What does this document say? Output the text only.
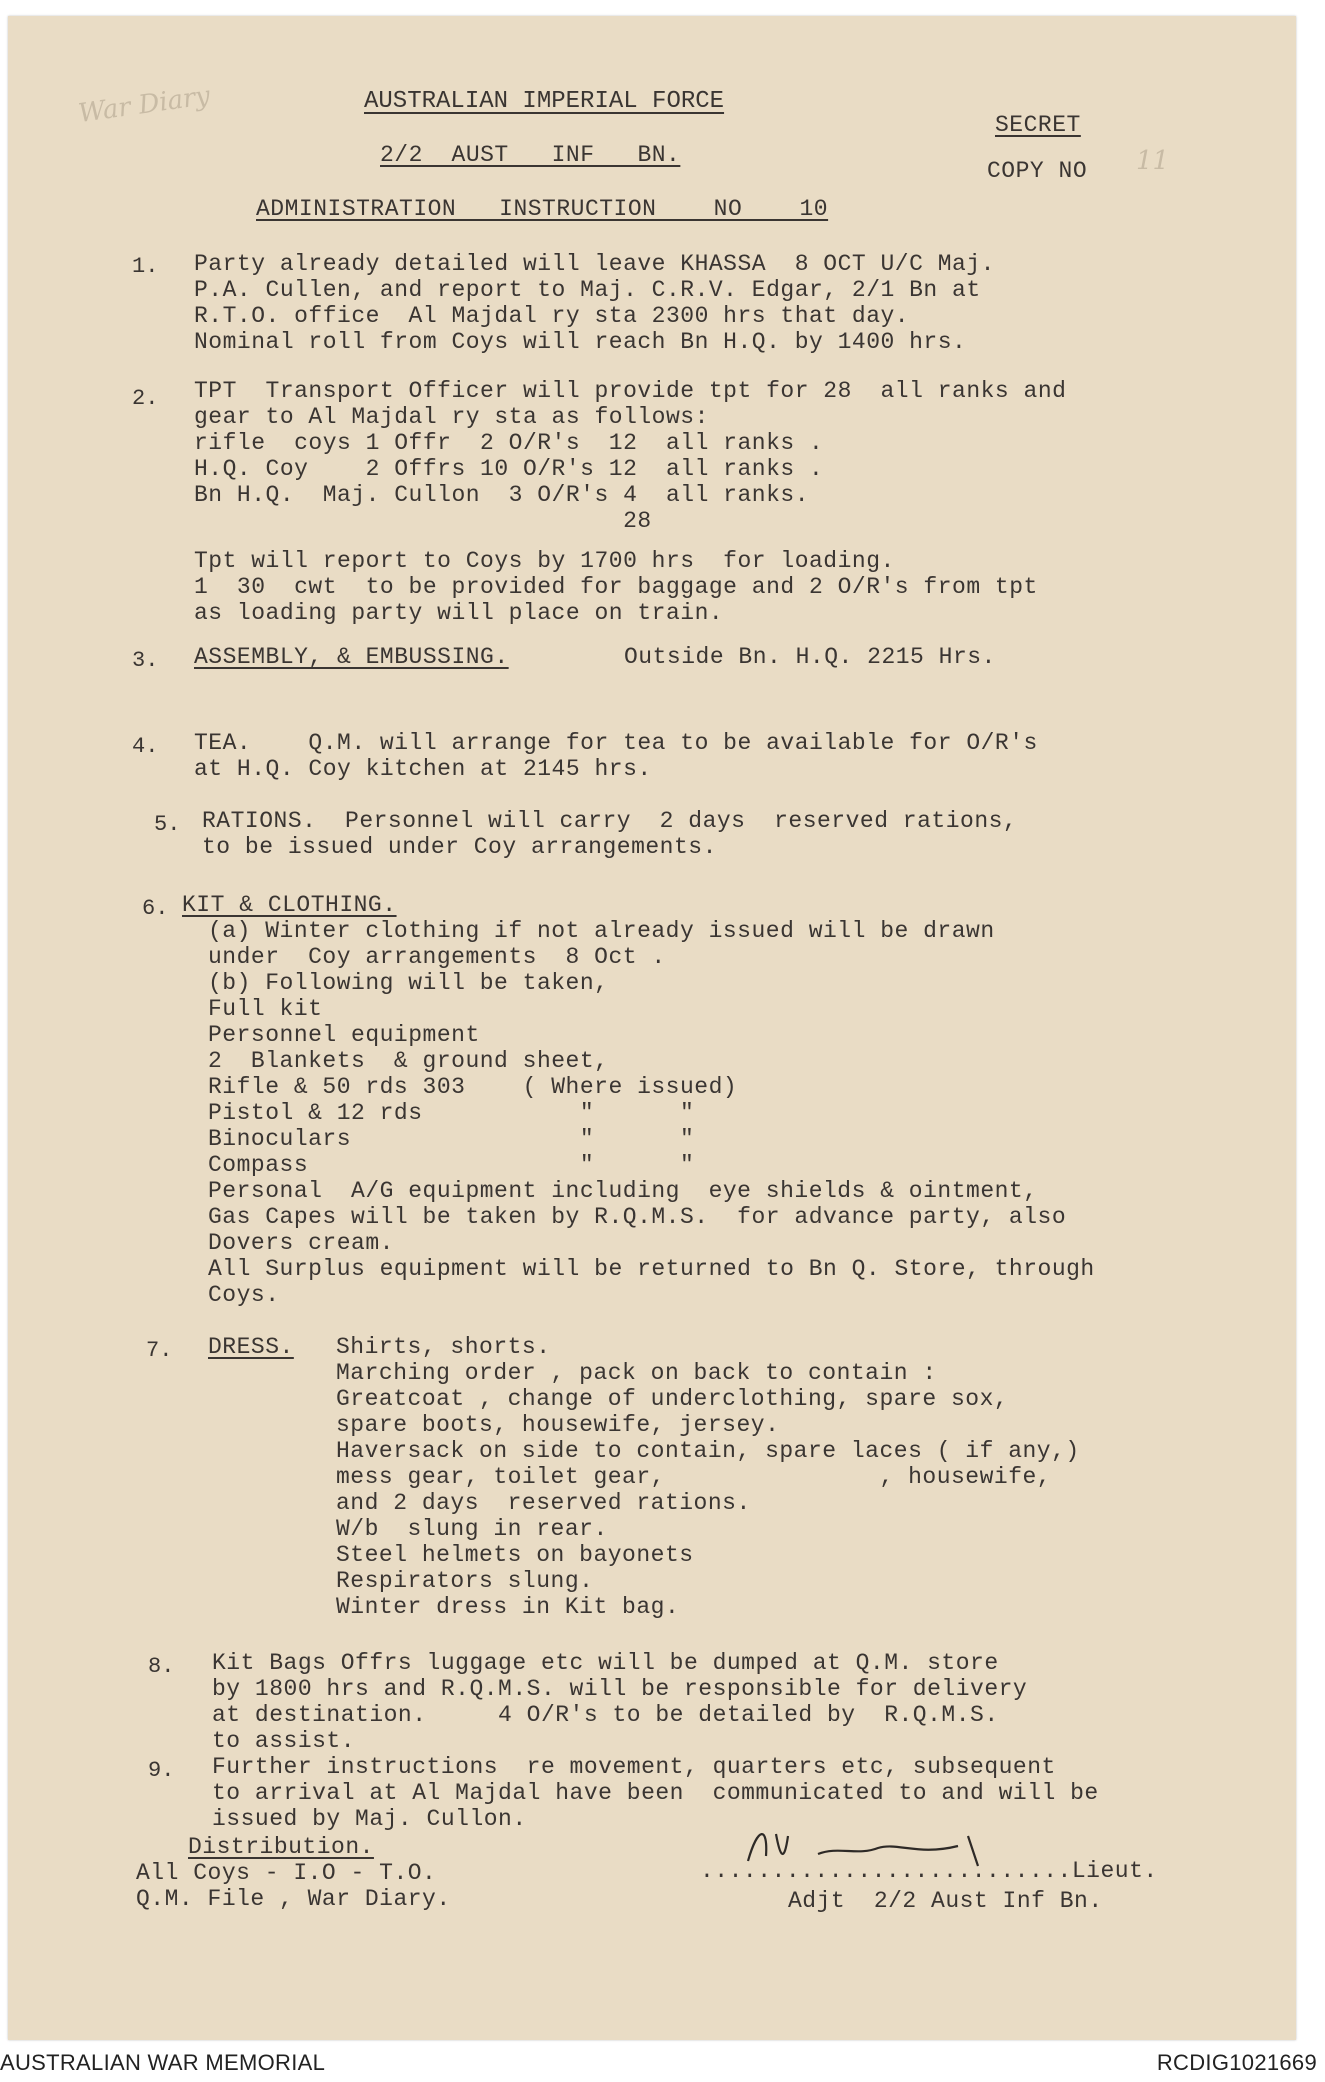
War Diary
11
AUSTRALIAN IMPERIAL FORCE
2/2  AUST   INF   BN.
ADMINISTRATION   INSTRUCTION    NO    10
SECRET
COPY NO
1. Party already detailed will leave KHASSA  8 OCT U/C Maj.
P.A. Cullen, and report to Maj. C.R.V. Edgar, 2/1 Bn at
R.T.O. office  Al Majdal ry sta 2300 hrs that day.
Nominal roll from Coys will reach Bn H.Q. by 1400 hrs.
2. TPT  Transport Officer will provide tpt for 28  all ranks and
gear to Al Majdal ry sta as follows:
rifle  coys 1 Offr  2 O/R's  12  all ranks .
H.Q. Coy    2 Offrs 10 O/R's 12  all ranks .
Bn H.Q.  Maj. Cullon  3 O/R's 4  all ranks.
28
Tpt will report to Coys by 1700 hrs  for loading.
1  30  cwt  to be provided for baggage and 2 O/R's from tpt
as loading party will place on train.
3. ASSEMBLY, & EMBUSSING.	Outside Bn. H.Q. 2215 Hrs.
4. TEA.    Q.M. will arrange for tea to be available for O/R's
at H.Q. Coy kitchen at 2145 hrs.
5. RATIONS.  Personnel will carry  2 days  reserved rations,
to be issued under Coy arrangements.
6. KIT & CLOTHING.
(a) Winter clothing if not already issued will be drawn
under  Coy arrangements  8 Oct .
(b) Following will be taken,
Full kit
Personnel equipment
2  Blankets  & ground sheet,
Rifle & 50 rds 303    ( Where issued)
Pistol & 12 rds           "      "
Binoculars                "      "
Compass                   "      "
Personal  A/G equipment including  eye shields & ointment,
Gas Capes will be taken by R.Q.M.S.  for advance party, also
Dovers cream.
All Surplus equipment will be returned to Bn Q. Store, through
Coys.
7. DRESS. Shirts, shorts.
Marching order , pack on back to contain :
Greatcoat , change of underclothing, spare sox,
spare boots, housewife, jersey.
Haversack on side to contain, spare laces ( if any,)
mess gear, toilet gear,               , housewife,
and 2 days  reserved rations.
W/b  slung in rear.
Steel helmets on bayonets
Respirators slung.
Winter dress in Kit bag.
8. Kit Bags Offrs luggage etc will be dumped at Q.M. store
by 1800 hrs and R.Q.M.S. will be responsible for delivery
at destination.     4 O/R's to be detailed by  R.Q.M.S.
to assist.
9. Further instructions  re movement, quarters etc, subsequent
to arrival at Al Majdal have been  communicated to and will be
issued by Maj. Cullon.
Distribution.
All Coys - I.O - T.O.
Q.M. File , War Diary.
..........................Lieut.
Adjt  2/2 Aust Inf Bn.
AUSTRALIAN WAR MEMORIAL	RCDIG1021669
